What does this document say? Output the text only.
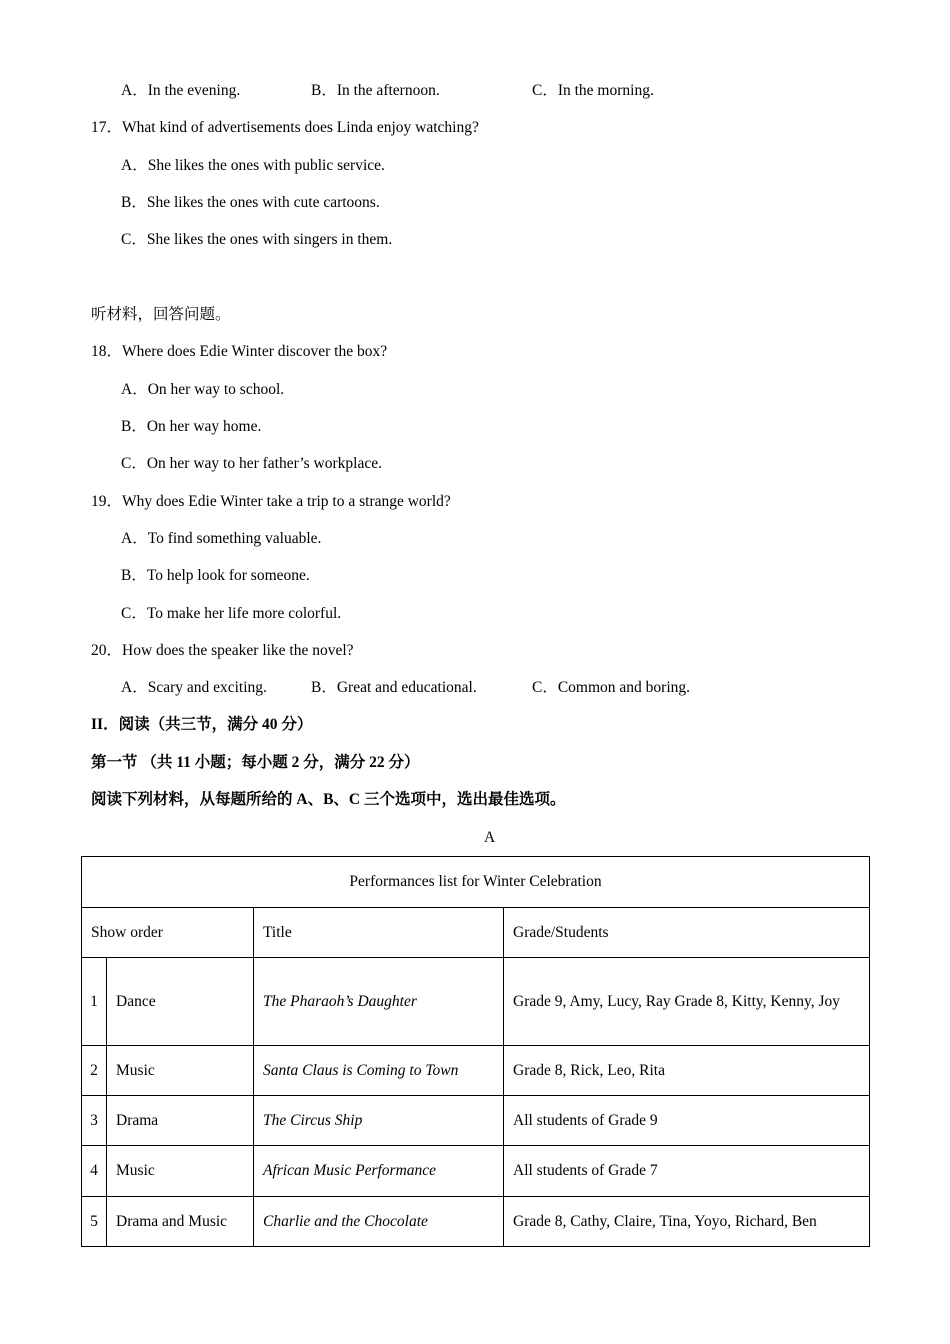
A．In the evening.	B．In the afternoon.	C．In the morning.
17．What kind of advertisements does Linda enjoy watching?
A．She likes the ones with public service.
B．She likes the ones with cute cartoons.
C．She likes the ones with singers in them.
听材料，回答问题。
18．Where does Edie Winter discover the box?
A．On her way to school.
B．On her way home.
C．On her way to her father’s workplace.
19．Why does Edie Winter take a trip to a strange world?
A．To find something valuable.
B．To help look for someone.
C．To make her life more colorful.
20．How does the speaker like the novel?
A．Scary and exciting.	B．Great and educational.	C．Common and boring.
II．阅读（共三节，满分 40 分）
第一节 （共 11 小题；每小题 2 分，满分 22 分）
阅读下列材料，从每题所给的 A、B、C 三个选项中，选出最佳选项。
A
Performances list for Winter Celebration			
Show order		Title	Grade/Students
1	Dance	The Pharaoh’s Daughter	Grade 9, Amy, Lucy, Ray Grade 8, Kitty, Kenny, Joy
2	Music	Santa Claus is Coming to Town	Grade 8, Rick, Leo, Rita
3	Drama	The Circus Ship	All students of Grade 9
4	Music	African Music Performance	All students of Grade 7
5	Drama and Music	Charlie and the Chocolate	Grade 8, Cathy, Claire, Tina, Yoyo, Richard, Ben
